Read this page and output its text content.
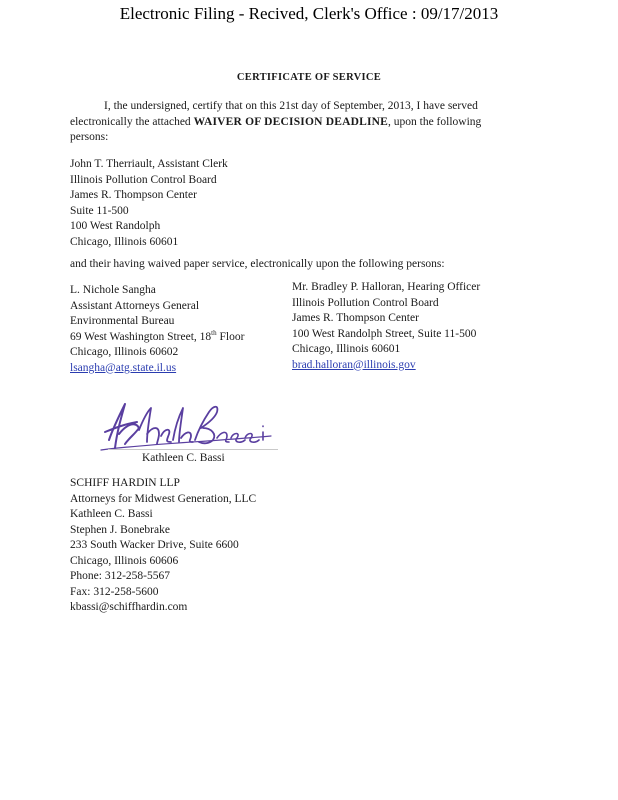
Electronic Filing - Recived, Clerk's Office : 09/17/2013
CERTIFICATE OF SERVICE
I, the undersigned, certify that on this 21st day of September, 2013, I have served electronically the attached WAIVER OF DECISION DEADLINE, upon the following persons:
John T. Therriault, Assistant Clerk
Illinois Pollution Control Board
James R. Thompson Center
Suite 11-500
100 West Randolph
Chicago, Illinois 60601
and their having waived paper service, electronically upon the following persons:
L. Nichole Sangha
Assistant Attorneys General
Environmental Bureau
69 West Washington Street, 18th Floor
Chicago, Illinois 60602
lsangha@atg.state.il.us
Mr. Bradley P. Halloran, Hearing Officer
Illinois Pollution Control Board
James R. Thompson Center
100 West Randolph Street, Suite 11-500
Chicago, Illinois 60601
brad.halloran@illinois.gov
Kathleen C. Bassi
SCHIFF HARDIN LLP
Attorneys for Midwest Generation, LLC
Kathleen C. Bassi
Stephen J. Bonebrake
233 South Wacker Drive, Suite 6600
Chicago, Illinois 60606
Phone: 312-258-5567
Fax: 312-258-5600
kbassi@schiffhardin.com
